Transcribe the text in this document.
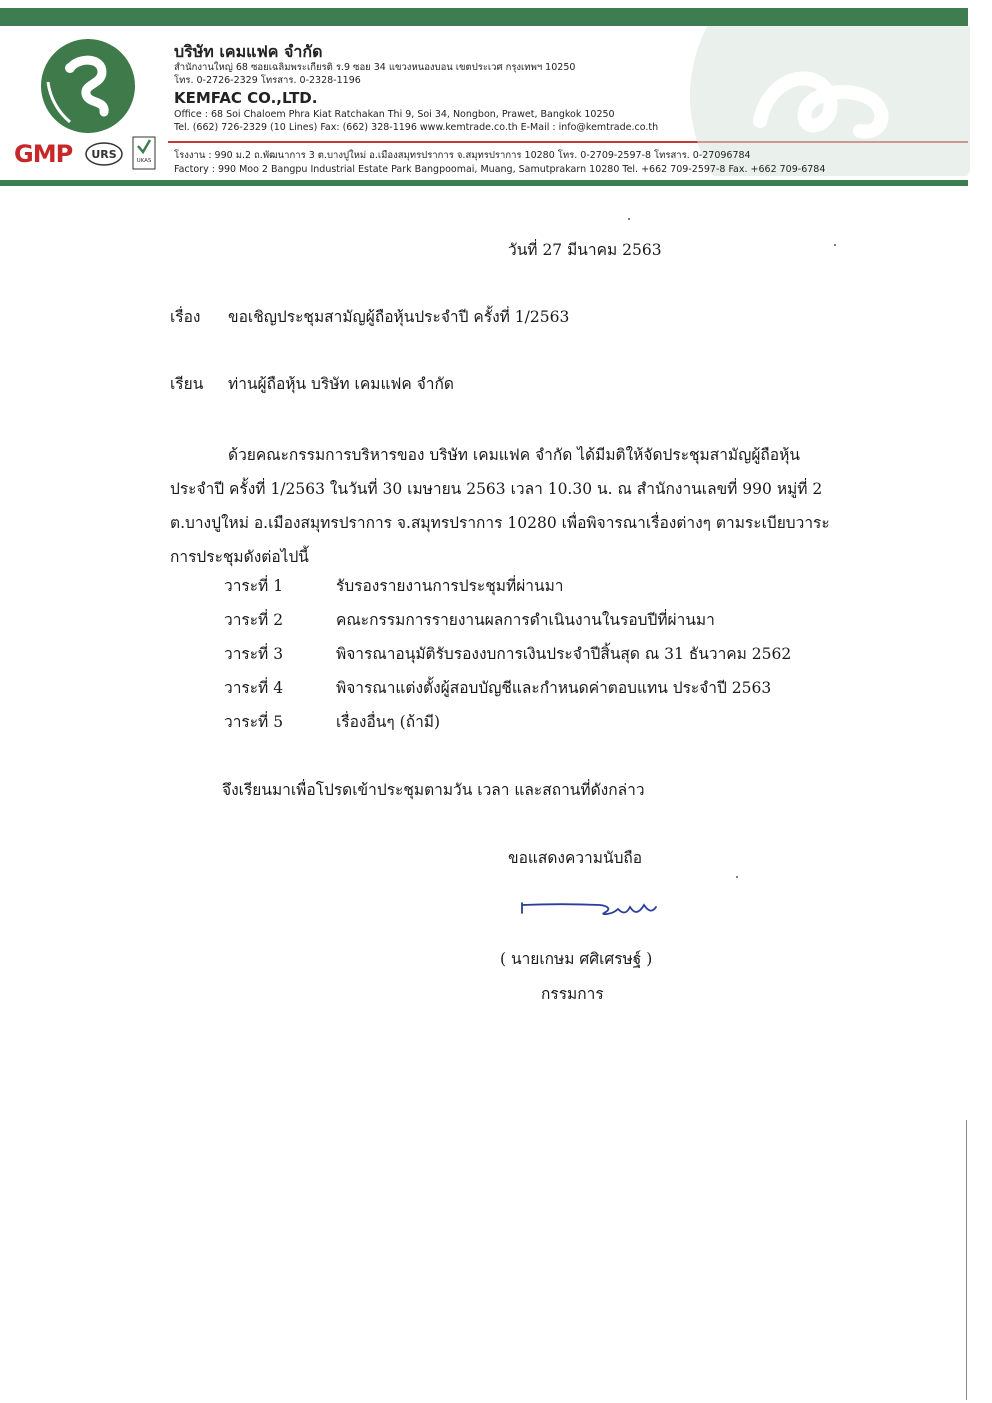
GMP URS	UKAS
บริษัท เคมแฟค จำกัด
สำนักงานใหญ่ 68 ซอยเฉลิมพระเกียรติ ร.9 ซอย 34 แขวงหนองบอน เขตประเวศ กรุงเทพฯ 10250
โทร. 0-2726-2329 โทรสาร. 0-2328-1196
KEMFAC CO.,LTD.
Office : 68 Soi Chaloem Phra Kiat Ratchakan Thi 9, Soi 34, Nongbon, Prawet, Bangkok 10250
Tel. (662) 726-2329 (10 Lines) Fax: (662) 328-1196 www.kemtrade.co.th E-Mail : info@kemtrade.co.th
โรงงาน : 990 ม.2 ถ.พัฒนาการ 3 ต.บางปูใหม่ อ.เมืองสมุทรปราการ จ.สมุทรปราการ 10280 โทร. 0-2709-2597-8 โทรสาร. 0-27096784
Factory : 990 Moo 2 Bangpu Industrial Estate Park Bangpoomai, Muang, Samutprakarn 10280 Tel. +662 709-2597-8 Fax. +662 709-6784
วันที่ 27 มีนาคม 2563
เรื่อง ขอเชิญประชุมสามัญผู้ถือหุ้นประจำปี ครั้งที่ 1/2563
เรียน ท่านผู้ถือหุ้น บริษัท เคมแฟค จำกัด
ด้วยคณะกรรมการบริหารของ บริษัท เคมแฟค จำกัด ได้มีมติให้จัดประชุมสามัญผู้ถือหุ้น
ประจำปี ครั้งที่ 1/2563 ในวันที่ 30 เมษายน 2563 เวลา 10.30 น. ณ สำนักงานเลขที่ 990 หมู่ที่ 2
ต.บางปูใหม่ อ.เมืองสมุทรปราการ จ.สมุทรปราการ 10280 เพื่อพิจารณาเรื่องต่างๆ ตามระเบียบวาระ
การประชุมดังต่อไปนี้
วาระที่ 1	รับรองรายงานการประชุมที่ผ่านมา
วาระที่ 2	คณะกรรมการรายงานผลการดำเนินงานในรอบปีที่ผ่านมา
วาระที่ 3	พิจารณาอนุมัติรับรองงบการเงินประจำปีสิ้นสุด ณ 31 ธันวาคม 2562
วาระที่ 4	พิจารณาแต่งตั้งผู้สอบบัญชีและกำหนดค่าตอบแทน ประจำปี 2563
วาระที่ 5	เรื่องอื่นๆ (ถ้ามี)
จึงเรียนมาเพื่อโปรดเข้าประชุมตามวัน เวลา และสถานที่ดังกล่าว
ขอแสดงความนับถือ
( นายเกษม ศศิเศรษฐ์ )
กรรมการ
